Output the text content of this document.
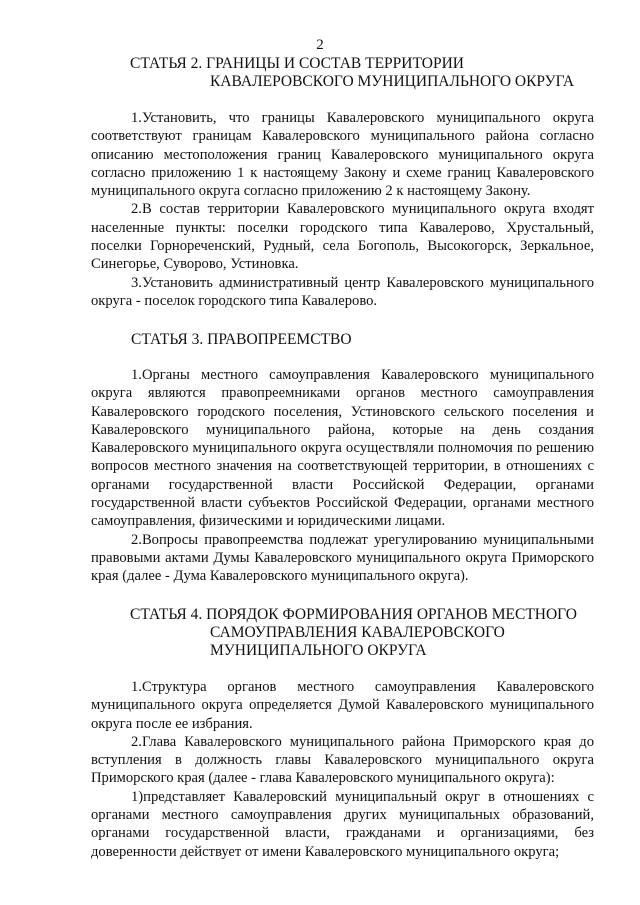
2
СТАТЬЯ 2. ГРАНИЦЫ И СОСТАВ ТЕРРИТОРИИ
КАВАЛЕРОВСКОГО МУНИЦИПАЛЬНОГО ОКРУГА

1.Установить, что границы Кавалеровского муниципального округа соответствуют границам Кавалеровского муниципального района согласно описанию местоположения границ Кавалеровского муниципального округа согласно приложению 1 к настоящему Закону и схеме границ Кавалеровского муниципального округа согласно приложению 2 к настоящему Закону.

2.В состав территории Кавалеровского муниципального округа входят населенные пункты: поселки городского типа Кавалерово, Хрустальный, поселки Горнореченский, Рудный, села Богополь, Высокогорск, Зеркальное, Синегорье, Суворово, Устиновка.

3.Установить административный центр Кавалеровского муниципального округа - поселок городского типа Кавалерово.

СТАТЬЯ 3. ПРАВОПРЕЕМСТВО

1.Органы местного самоуправления Кавалеровского муниципального округа являются правопреемниками органов местного самоуправления Кавалеровского городского поселения, Устиновского сельского поселения и Кавалеровского муниципального района, которые на день создания Кавалеровского муниципального округа осуществляли полномочия по решению вопросов местного значения на соответствующей территории, в отношениях с органами государственной власти Российской Федерации, органами государственной власти субъектов Российской Федерации, органами местного самоуправления, физическими и юридическими лицами.

2.Вопросы правопреемства подлежат урегулированию муниципальными правовыми актами Думы Кавалеровского муниципального округа Приморского края (далее - Дума Кавалеровского муниципального округа).

СТАТЬЯ 4. ПОРЯДОК ФОРМИРОВАНИЯ ОРГАНОВ МЕСТНОГО
САМОУПРАВЛЕНИЯ КАВАЛЕРОВСКОГО
МУНИЦИПАЛЬНОГО ОКРУГА

1.Структура органов местного самоуправления Кавалеровского муниципального округа определяется Думой Кавалеровского муниципального округа после ее избрания.

2.Глава Кавалеровского муниципального района Приморского края до вступления в должность главы Кавалеровского муниципального округа Приморского края (далее - глава Кавалеровского муниципального округа):

1)представляет Кавалеровский муниципальный округ в отношениях с органами местного самоуправления других муниципальных образований, органами государственной власти, гражданами и организациями, без доверенности действует от имени Кавалеровского муниципального округа;
